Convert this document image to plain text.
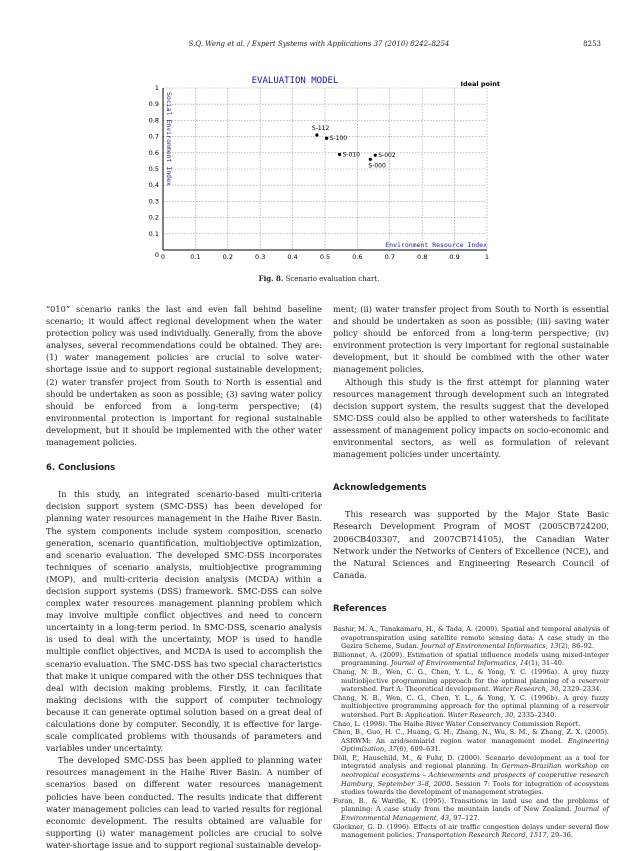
S.Q. Weng et al. / Expert Systems with Applications 37 (2010) 8242–8254	8253
0	0.1	0.2	0.3	0.4	0.5	0.6	0.7	0.8	0.9	1
0.1
0.2
0.3
0.4
0.5
0.6
0.7
0.8
0.9
1
0
EVALUATION MODEL	Ideal point
Environment Resource Index
Social Environment Index	S-112
S-100
S-010	S-002
S-000
Fig. 8. Scenario evaluation chart.

“010” scenario ranks the last and even fall behind baseline scenario; it would affect regional development when the water protection policy was used individually. Generally, from the above analyses, several recommendations could be obtained. They are: (1) water management policies are crucial to solve water-shortage issue and to support regional sustainable development; (2) water transfer project from South to North is essential and should be undertaken as soon as possible; (3) saving water policy should be enforced from a long-term perspective; (4) environmental protection is important for regional sustainable development, but it should be implemented with the other water management policies.

6. Conclusions

In this study, an integrated scenario-based multi-criteria decision support system (SMC-DSS) has been developed for planning water resources management in the Haihe River Basin. The system components include system composition, scenario generation, scenario quantification, multiobjective optimization, and scenario evaluation. The developed SMC-DSS incorporates techniques of scenario analysis, multiobjective programming (MOP), and multi-criteria decision analysis (MCDA) within a decision support systems (DSS) framework. SMC-DSS can solve complex water resources management planning problem which may involve multiple conflict objectives and need to concern uncertainty in a long-term period. In SMC-DSS, scenario analysis is used to deal with the uncertainty, MOP is used to handle multiple conflict objectives, and MCDA is used to accomplish the scenario evaluation. The SMC-DSS has two special characteristics that make it unique compared with the other DSS techniques that deal with decision making problems. Firstly, it can facilitate making decisions with the support of computer technology because it can generate optimal solution based on a great deal of calculations done by computer. Secondly, it is effective for large-scale complicated problems with thousands of parameters and variables under uncertainty.

The developed SMC-DSS has been applied to planning water resources management in the Haihe River Basin. A number of scenarios based on different water resources management policies have been conducted. The results indicate that different water management policies can lead to varied results for regional economic development. The results obtained are valuable for supporting (i) water management policies are crucial to solve water-shortage issue and to support regional sustainable develop-

ment; (ii) water transfer project from South to North is essential and should be undertaken as soon as possible; (iii) saving water policy should be enforced from a long-term perspective; (iv) environment protection is very important for regional sustainable development, but it should be combined with the other water management policies.

Although this study is the first attempt for planning water resources management through development such an integrated decision support system, the results suggest that the developed SMC-DSS could also be applied to other watersheds to facilitate assessment of management policy impacts on socio-economic and environmental sectors, as well as formulation of relevant management policies under uncertainty.

Acknowledgements

This research was supported by the Major State Basic Research Development Program of MOST (2005CB724200, 2006CB403307, and 2007CB714105), the Canadian Water Network under the Networks of Centers of Excellence (NCE), and the Natural Sciences and Engineering Research Council of Canada.

References

Bashir, M. A., Tanakamaru, H., & Tada, A. (2009). Spatial and temporal analysis of evapotranspiration using satellite remote sensing data: A case study in the Gezira Scheme, Sudan. Journal of Environmental Informatics, 13(2), 86–92.

Billionnet, A. (2009). Estimation of spatial influence models using mixed-integer programming. Journal of Environmental Informatics, 14(1), 31–40.

Chang, N. B., Wen, C. G., Chen, Y. L., & Yong, Y. C. (1996a). A grey fuzzy multiobjective programming approach for the optimal planning of a reservoir watershed. Part A: Theoretical development. Water Research, 30, 2329–2334.

Chang, N. B., Wen, C. G., Chen, Y. L., & Yong, Y. C. (1996b). A grey fuzzy multiobjective programming approach for the optimal planning of a reservoir watershed. Part B: Application. Water Research, 30, 2335–2340.

Chao, L. (1998). The Haihe River Water Conservancy Commission Report.

Chen, B., Guo, H. C., Huang, G. H., Zhang, N., Wu, S. M., & Zhang, Z. X. (2005). ASRWM: An arid/semiarid region water management model. Engineering Optimization, 37(6), 609–631.

Döll, P., Hauschild, M., & Fuhr, D. (2000). Scenario development as a tool for integrated analysis and regional planning. In German–Brazilian workshop on neotropical ecosystems – Achievements and prospects of cooperative research Hamburg, September 3–8, 2000. Session 7: Tools for integration of ecosystem studies towards the development of management strategies.

Foran, B., & Wardle, K. (1995). Transitions in land use and the problems of planning: A case study from the mountain lands of New Zealand. Journal of Environmental Management, 43, 97–127.

Glockner, G. D. (1996). Effects of air traffic congestion delays under several flow management policies. Transportation Research Record, 1517, 29–36.
